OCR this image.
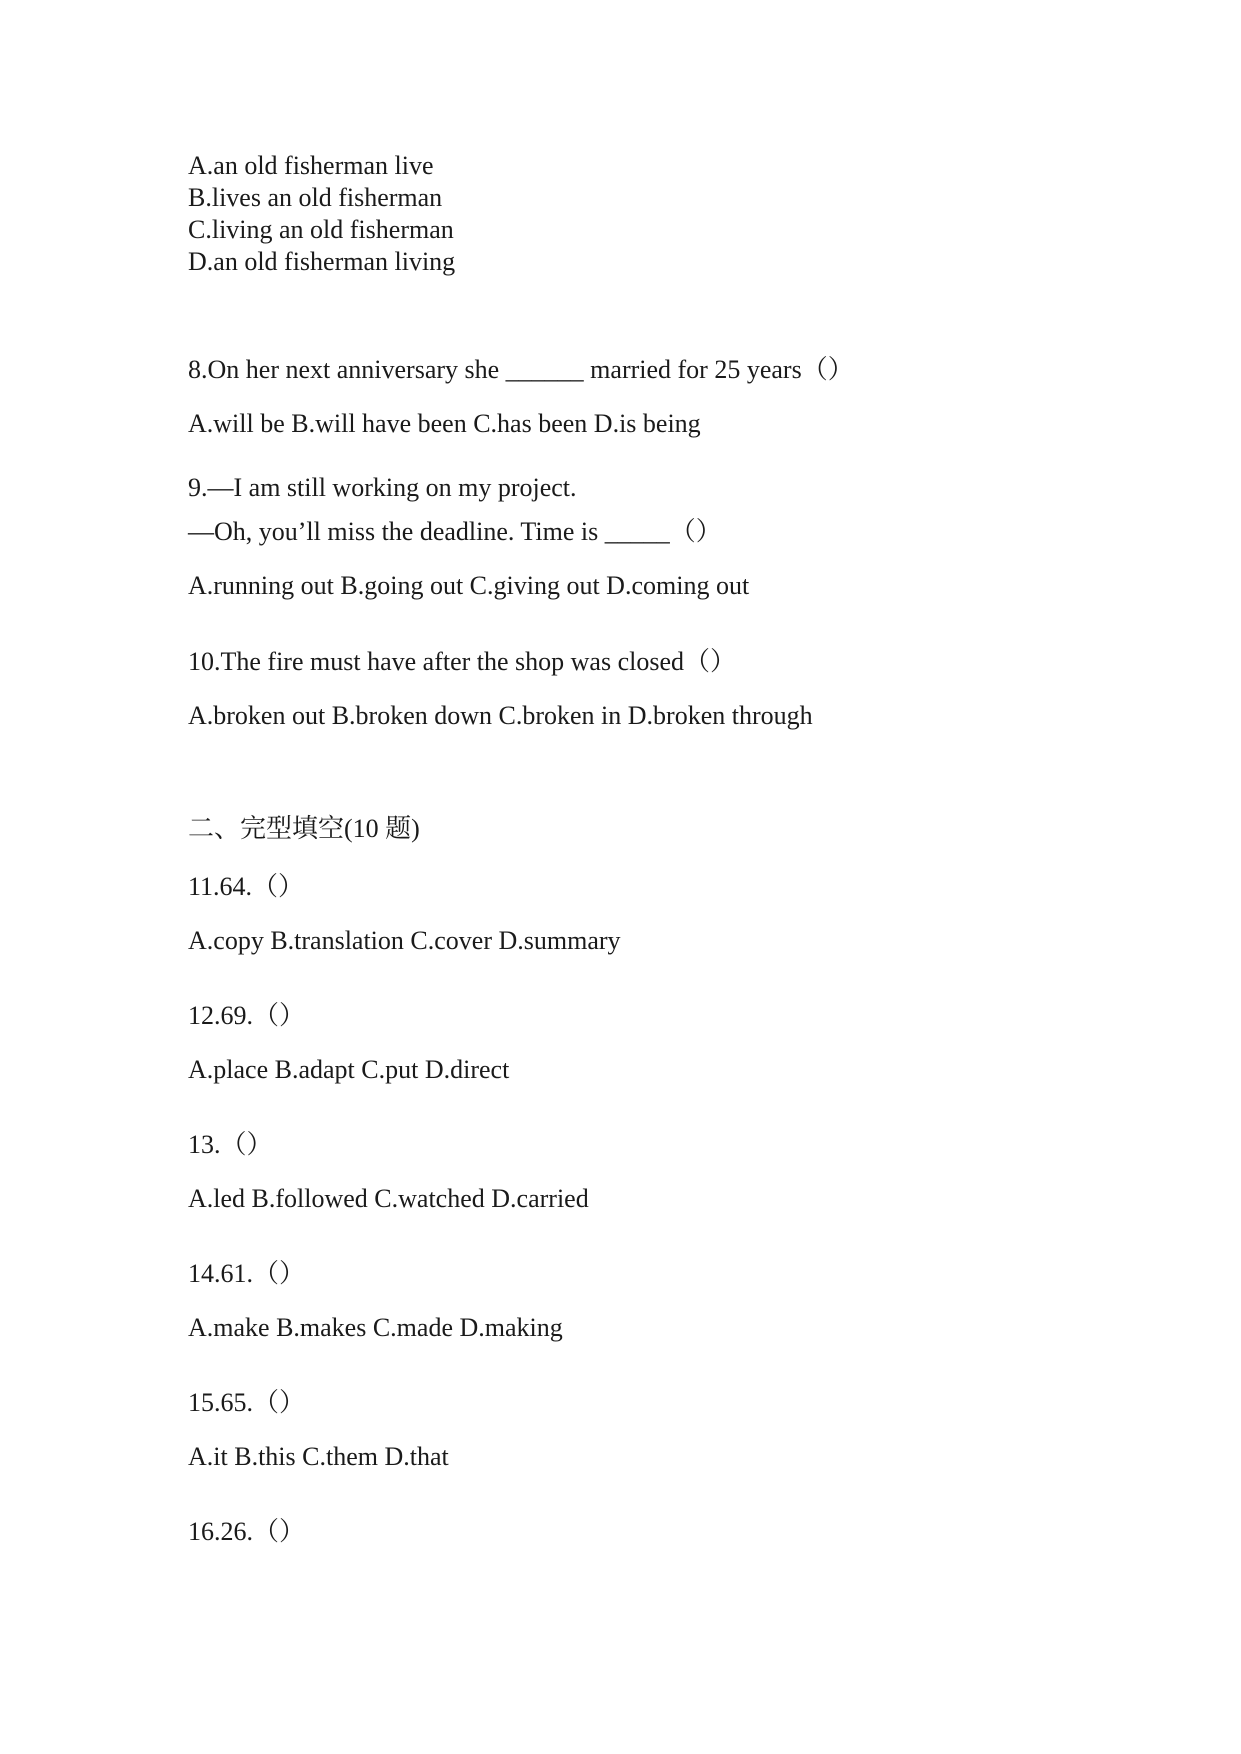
A.an old fisherman live
B.lives an old fisherman
C.living an old fisherman
D.an old fisherman living
8.On her next anniversary she ______ married for 25 years（）
A.will be B.will have been C.has been D.is being
9.—I am still working on my project.
—Oh, you’ll miss the deadline. Time is _____（）
A.running out B.going out C.giving out D.coming out
10.The fire must have after the shop was closed（）
A.broken out B.broken down C.broken in D.broken through
二、完型填空(10 题)
11.64.（）
A.copy B.translation C.cover D.summary
12.69.（）
A.place B.adapt C.put D.direct
13.（）
A.led B.followed C.watched D.carried
14.61.（）
A.make B.makes C.made D.making
15.65.（）
A.it B.this C.them D.that
16.26.（）
